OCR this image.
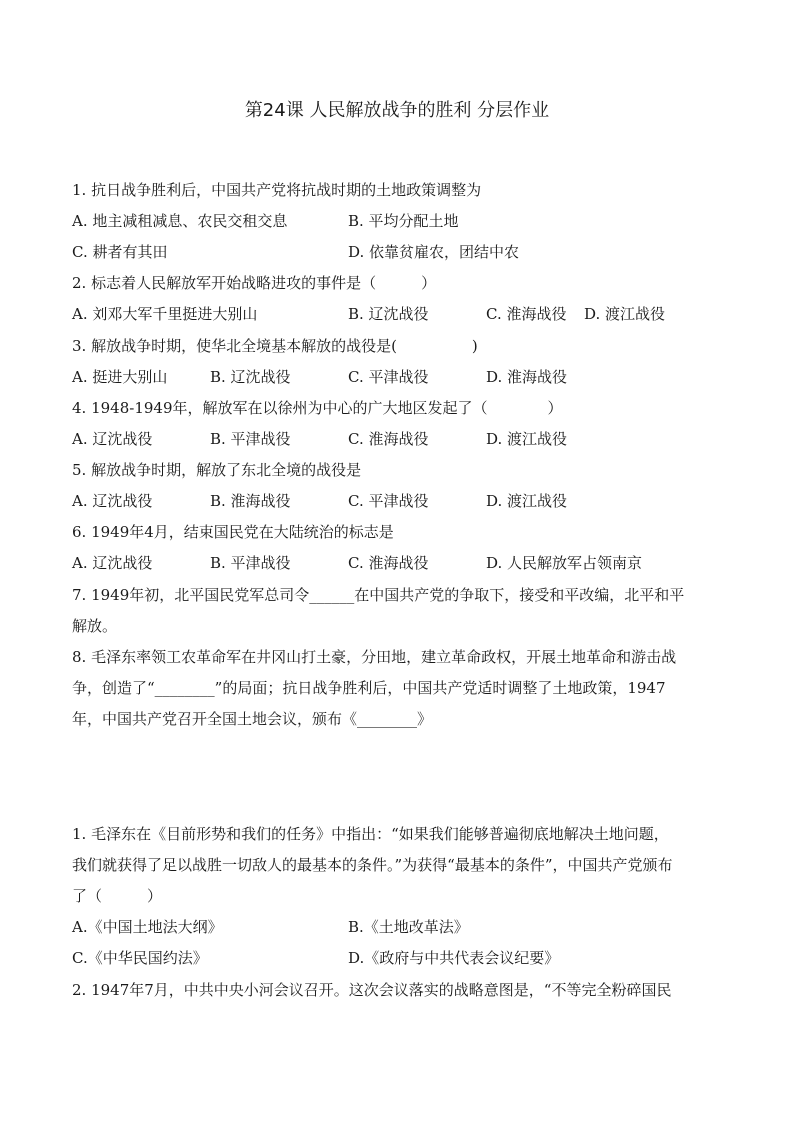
第24课 人民解放战争的胜利 分层作业
1. 抗日战争胜利后，中国共产党将抗战时期的土地政策调整为
A. 地主减租减息、农民交租交息	B. 平均分配土地
C. 耕者有其田	D. 依靠贫雇农，团结中农
2. 标志着人民解放军开始战略进攻的事件是（　　　）
A. 刘邓大军千里挺进大别山	B. 辽沈战役	C. 淮海战役 D. 渡江战役
3. 解放战争时期，使华北全境基本解放的战役是(　　　　　)
A. 挺进大别山	B. 辽沈战役	C. 平津战役	D. 淮海战役
4. 1948-1949年，解放军在以徐州为中心的广大地区发起了（　　　　）
A. 辽沈战役	B. 平津战役	C. 淮海战役	D. 渡江战役
5. 解放战争时期，解放了东北全境的战役是
A. 辽沈战役	B. 淮海战役	C. 平津战役	D. 渡江战役
6. 1949年4月，结束国民党在大陆统治的标志是
A. 辽沈战役	B. 平津战役	C. 淮海战役	D. 人民解放军占领南京
7. 1949年初，北平国民党军总司令______在中国共产党的争取下，接受和平改编，北平和平
解放。
8. 毛泽东率领工农革命军在井冈山打土豪，分田地，建立革命政权，开展土地革命和游击战
争，创造了“________”的局面；抗日战争胜利后，中国共产党适时调整了土地政策，1947
年，中国共产党召开全国土地会议，颁布《________》
1. 毛泽东在《目前形势和我们的任务》中指出：“如果我们能够普遍彻底地解决土地问题，
我们就获得了足以战胜一切敌人的最基本的条件。”为获得“最基本的条件”，中国共产党颁布
了（　　　）
A.《中国土地法大纲》	B.《土地改革法》
C.《中华民国约法》	D.《政府与中共代表会议纪要》
2. 1947年7月，中共中央小河会议召开。这次会议落实的战略意图是，“不等完全粉碎国民
